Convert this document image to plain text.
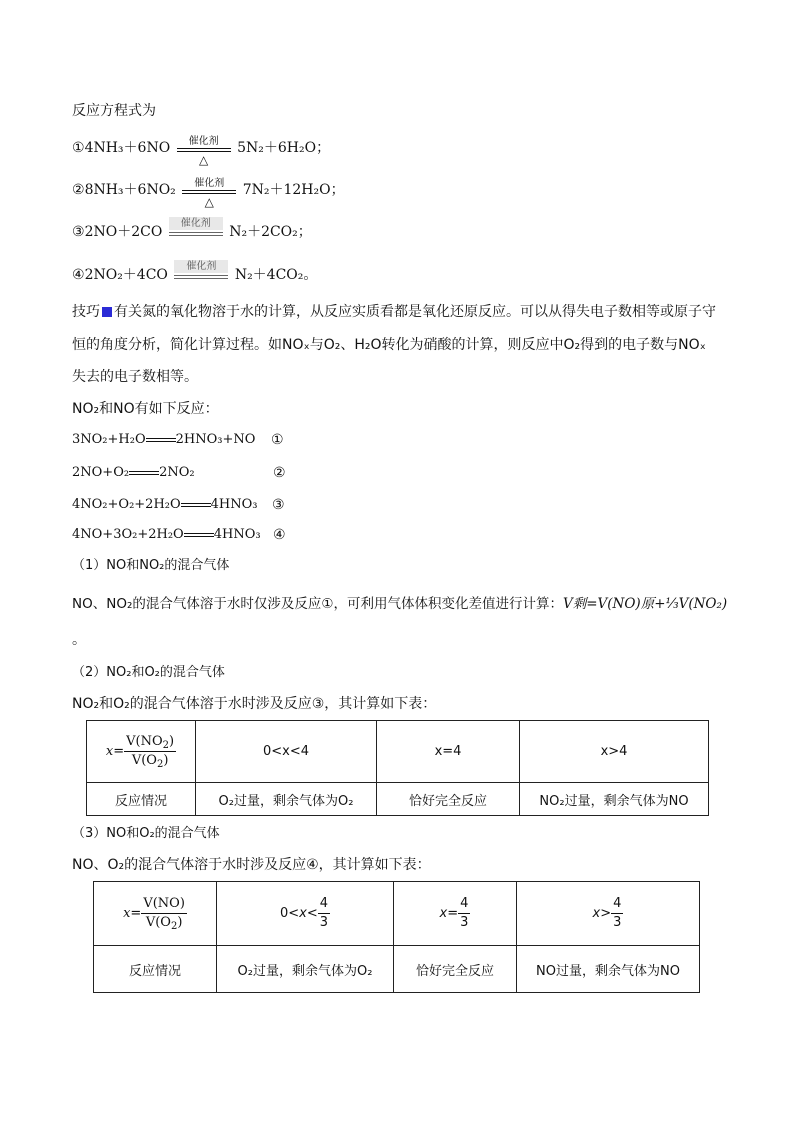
反应方程式为
①4NH₃＋6NO	催化剂
△
5N₂＋6H₂O；
②8NH₃＋6NO₂	催化剂
△
7N₂＋12H₂O；
③2NO＋2CO
催化剂
N₂＋2CO₂；
④2NO₂＋4CO
催化剂
N₂＋4CO₂。
技巧 有关氮的氧化物溶于水的计算，从反应实质看都是氧化还原反应。可以从得失电子数相等或原子守
恒的角度分析，简化计算过程。如NOₓ与O₂、H₂O转化为硝酸的计算，则反应中O₂得到的电子数与NOₓ
失去的电子数相等。
NO₂和NO有如下反应：
3NO₂+H₂O 2HNO₃+NO ①
2NO+O₂ 2NO₂	②
4NO₂+O₂+2H₂O 4HNO₃ ③
4NO+3O₂+2H₂O 4HNO₃ ④
（1）NO和NO₂的混合气体
NO、NO₂的混合气体溶于水时仅涉及反应①，可利用气体体积变化差值进行计算：V剩=V(NO)原+⅓V(NO₂)
。
（2）NO₂和O₂的混合气体
NO₂和O₂的混合气体溶于水时涉及反应③，其计算如下表：
$x= \frac{V(NO_2)}{V(O_2)}$	0<x<4	x=4	x>4
反应情况	O₂过量，剩余气体为O₂	恰好完全反应	NO₂过量，剩余气体为NO
（3）NO和O₂的混合气体
NO、O₂的混合气体溶于水时涉及反应④，其计算如下表：
$x= \frac{V(NO)}{V(O_2)}$	$0<x< \frac{4}{3}$	$x= \frac{4}{3}$	$x> \frac{4}{3}$

反应情况	O₂过量，剩余气体为O₂	恰好完全反应	NO过量，剩余气体为NO
